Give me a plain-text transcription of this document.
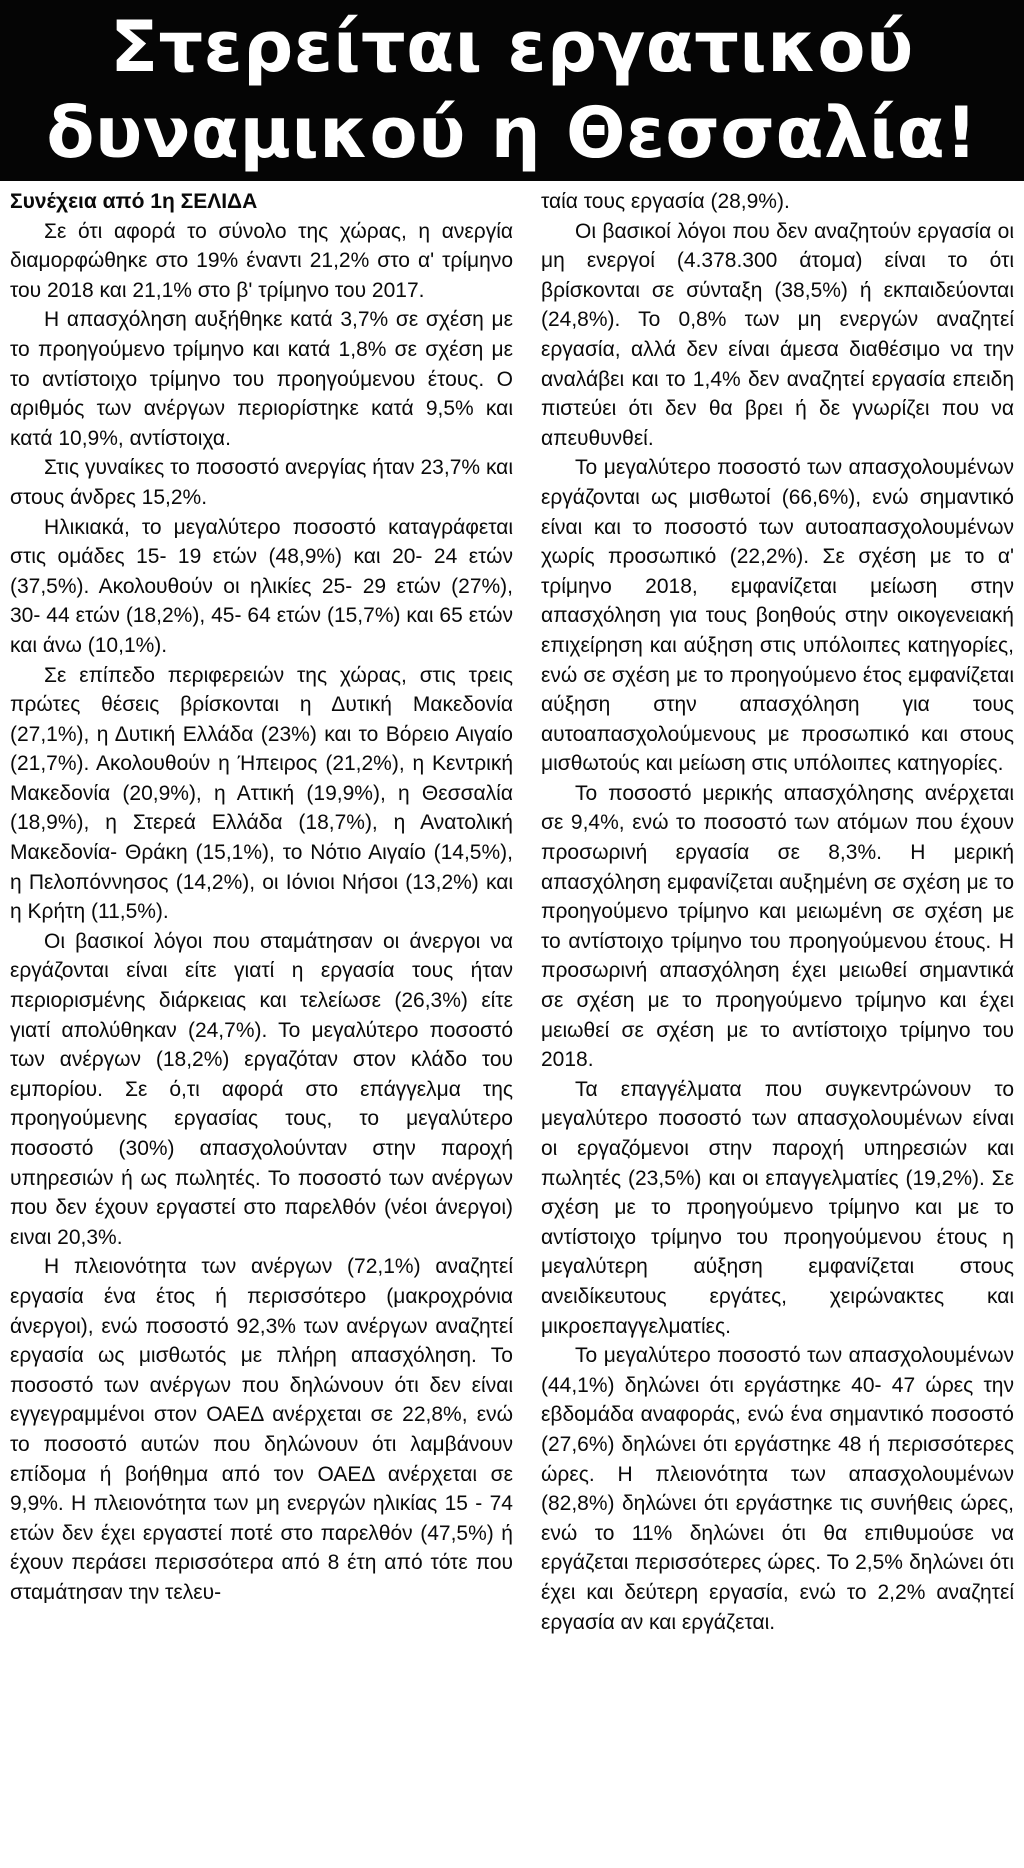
Στερείται εργατικού δυναμικού η Θεσσαλία!

Συνέχεια από 1η ΣΕΛΙΔΑ

Σε ότι αφορά το σύνολο της χώρας, η ανεργία διαμορφώθηκε στο 19% έναντι 21,2% στο α' τρίμηνο του 2018 και 21,1% στο β' τρίμηνο του 2017.

Η απασχόληση αυξήθηκε κατά 3,7% σε σχέση με το προηγούμενο τρίμηνο και κατά 1,8% σε σχέση με το αντίστοιχο τρίμηνο του προηγούμενου έτους. Ο αριθμός των ανέργων περιορίστηκε κατά 9,5% και κατά 10,9%, αντίστοιχα.

Στις γυναίκες το ποσοστό ανεργίας ήταν 23,7% και στους άνδρες 15,2%.

Ηλικιακά, το μεγαλύτερο ποσοστό καταγράφεται στις ομάδες 15- 19 ετών (48,9%) και 20- 24 ετών (37,5%). Ακολουθούν οι ηλικίες 25- 29 ετών (27%), 30- 44 ετών (18,2%), 45- 64 ετών (15,7%) και 65 ετών και άνω (10,1%).

Σε επίπεδο περιφερειών της χώρας, στις τρεις πρώτες θέσεις βρίσκονται η Δυτική Μακεδονία (27,1%), η Δυτική Ελλάδα (23%) και το Βόρειο Αιγαίο (21,7%). Ακολουθούν η Ήπειρος (21,2%), η Κεντρική Μακεδονία (20,9%), η Αττική (19,9%), η Θεσσαλία (18,9%), η Στερεά Ελλάδα (18,7%), η Ανατολική Μακεδονία- Θράκη (15,1%), το Νότιο Αιγαίο (14,5%), η Πελοπόννησος (14,2%), οι Ιόνιοι Νήσοι (13,2%) και η Κρήτη (11,5%).

Οι βασικοί λόγοι που σταμάτησαν οι άνεργοι να εργάζονται είναι είτε γιατί η εργασία τους ήταν περιορισμένης διάρκειας και τελείωσε (26,3%) είτε γιατί απολύθηκαν (24,7%). Το μεγαλύτερο ποσοστό των ανέργων (18,2%) εργαζόταν στον κλάδο του εμπορίου. Σε ό,τι αφορά στο επάγγελμα της προηγούμενης εργασίας τους, το μεγαλύτερο ποσοστό (30%) απασχολούνταν στην παροχή υπηρεσιών ή ως πωλητές. Το ποσοστό των ανέργων που δεν έχουν εργαστεί στο παρελθόν (νέοι άνεργοι) ειναι 20,3%.

Η πλειονότητα των ανέργων (72,1%) αναζητεί εργασία ένα έτος ή περισσότερο (μακροχρόνια άνεργοι), ενώ ποσοστό 92,3% των ανέργων αναζητεί εργασία ως μισθωτός με πλήρη απασχόληση. Το ποσοστό των ανέργων που δηλώνουν ότι δεν είναι εγγεγραμμένοι στον ΟΑΕΔ ανέρχεται σε 22,8%, ενώ το ποσοστό αυτών που δηλώνουν ότι λαμβάνουν επίδομα ή βοήθημα από τον ΟΑΕΔ ανέρχεται σε 9,9%. Η πλειονότητα των μη ενεργών ηλικίας 15 - 74 ετών δεν έχει εργαστεί ποτέ στο παρελθόν (47,5%) ή έχουν περάσει περισσότερα από 8 έτη από τότε που σταμάτησαν την τελευ-

ταία τους εργασία (28,9%).

Οι βασικοί λόγοι που δεν αναζητούν εργασία οι μη ενεργοί (4.378.300 άτομα) είναι το ότι βρίσκονται σε σύνταξη (38,5%) ή εκπαιδεύονται (24,8%). Το 0,8% των μη ενεργών αναζητεί εργασία, αλλά δεν είναι άμεσα διαθέσιμο να την αναλάβει και το 1,4% δεν αναζητεί εργασία επειδη πιστεύει ότι δεν θα βρει ή δε γνωρίζει που να απευθυνθεί.

Το μεγαλύτερο ποσοστό των απασχολουμένων εργάζονται ως μισθωτοί (66,6%), ενώ σημαντικό είναι και το ποσοστό των αυτοαπασχολουμένων χωρίς προσωπικό (22,2%). Σε σχέση με το α' τρίμηνο 2018, εμφανίζεται μείωση στην απασχόληση για τους βοηθούς στην οικογενειακή επιχείρηση και αύξηση στις υπόλοιπες κατηγορίες, ενώ σε σχέση με το προηγούμενο έτος εμφανίζεται αύξηση στην απασχόληση για τους αυτοαπασχολούμενους με προσωπικό και στους μισθωτούς και μείωση στις υπόλοιπες κατηγορίες.

Το ποσοστό μερικής απασχόλησης ανέρχεται σε 9,4%, ενώ το ποσοστό των ατόμων που έχουν προσωρινή εργασία σε 8,3%. Η μερική απασχόληση εμφανίζεται αυξημένη σε σχέση με το προηγούμενο τρίμηνο και μειωμένη σε σχέση με το αντίστοιχο τρίμηνο του προηγούμενου έτους. Η προσωρινή απασχόληση έχει μειωθεί σημαντικά σε σχέση με το προηγούμενο τρίμηνο και έχει μειωθεί σε σχέση με το αντίστοιχο τρίμηνο του 2018.

Τα επαγγέλματα που συγκεντρώνουν το μεγαλύτερο ποσοστό των απασχολουμένων είναι οι εργαζόμενοι στην παροχή υπηρεσιών και πωλητές (23,5%) και οι επαγγελματίες (19,2%). Σε σχέση με το προηγούμενο τρίμηνο και με το αντίστοιχο τρίμηνο του προηγούμενου έτους η μεγαλύτερη αύξηση εμφανίζεται στους ανειδίκευτους εργάτες, χειρώνακτες και μικροεπαγγελματίες.

Το μεγαλύτερο ποσοστό των απασχολουμένων (44,1%) δηλώνει ότι εργάστηκε 40- 47 ώρες την εβδομάδα αναφοράς, ενώ ένα σημαντικό ποσοστό (27,6%) δηλώνει ότι εργάστηκε 48 ή περισσότερες ώρες. Η πλειονότητα των απασχολουμένων (82,8%) δηλώνει ότι εργάστηκε τις συνήθεις ώρες, ενώ το 11% δηλώνει ότι θα επιθυμούσε να εργάζεται περισσότερες ώρες. Το 2,5% δηλώνει ότι έχει και δεύτερη εργασία, ενώ το 2,2% αναζητεί εργασία αν και εργάζεται.
